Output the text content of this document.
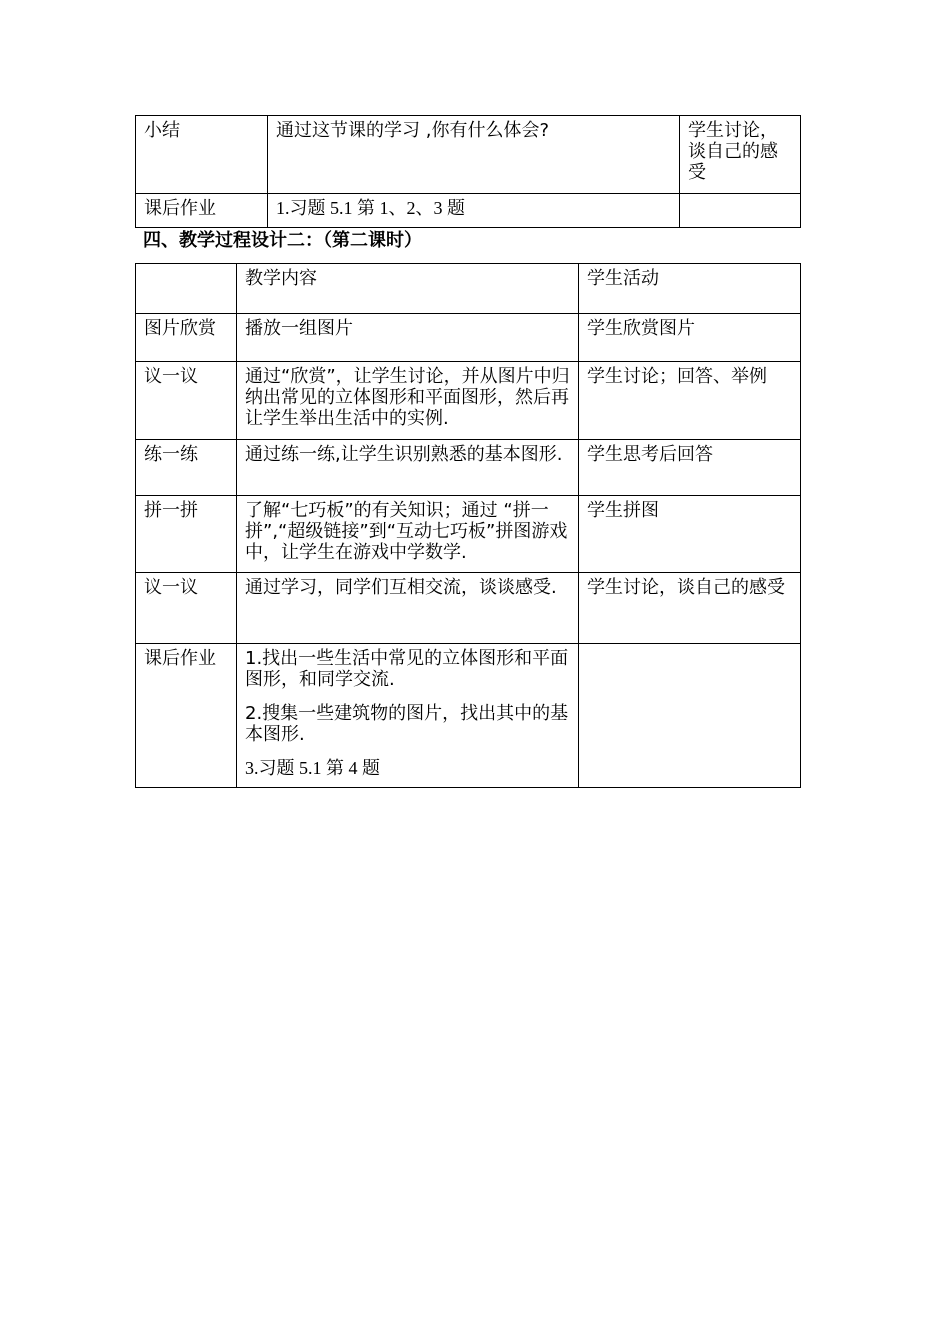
小结	通过这节课的学习 ,你有什么体会?	学生讨论，谈自己的感受
课后作业	1.习题 5.1 第 1、2、3 题	
四、教学过程设计二：（第二课时）
	教学内容	学生活动
图片欣赏	播放一组图片	学生欣赏图片
议一议	通过“欣赏”，让学生讨论，并从图片中归纳出常见的立体图形和平面图形，然后再让学生举出生活中的实例.	学生讨论；回答、举例
练一练	通过练一练,让学生识别熟悉的基本图形.	学生思考后回答
拼一拼	了解“七巧板”的有关知识；通过 “拼一拼”,“超级链接”到“互动七巧板”拼图游戏中，让学生在游戏中学数学.	学生拼图
议一议	通过学习，同学们互相交流，谈谈感受.	学生讨论，谈自己的感受
课后作业	1.找出一些生活中常见的立体图形和平面图形，和同学交流.

2.搜集一些建筑物的图片，找出其中的基本图形.

3.习题 5.1 第 4 题	
